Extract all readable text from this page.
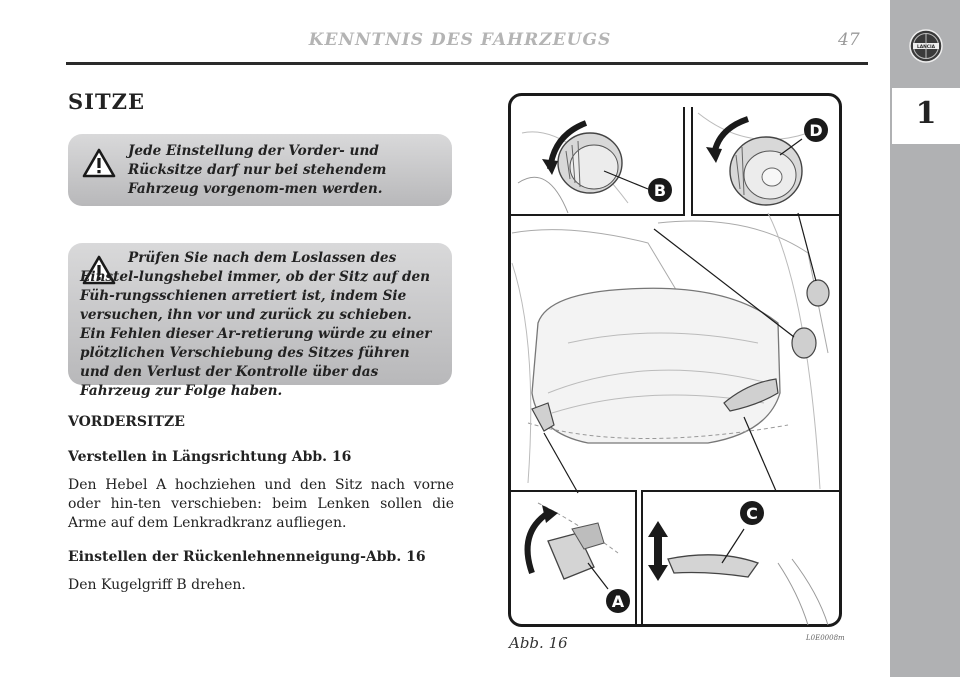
KENNTNIS DES FAHRZEUGS	47	LANCIA
1
SITZE

Jede Einstellung der Vorder- und Rücksitze darf nur bei stehendem Fahrzeug vorgenom-men werden.

Prüfen Sie nach dem Loslassen des Einstel-lungshebel immer, ob der Sitz auf den Füh-rungsschienen arretiert ist, indem Sie versuchen, ihn vor und zurück zu schieben. Ein Fehlen dieser Ar-retierung würde zu einer plötzlichen Verschiebung des Sitzes führen und den Verlust der Kontrolle über das Fahrzeug zur Folge haben.

VORDERSITZE
Verstellen in Längsrichtung Abb. 16

Den Hebel A hochziehen und den Sitz nach vorne oder hin-ten verschieben: beim Lenken sollen die Arme auf dem Lenkradkranz aufliegen.

Einstellen der Rückenlehnenneigung-Abb. 16

Den Kugelgriff B drehen.

B
D
C
A
Abb. 16	L0E0008m
